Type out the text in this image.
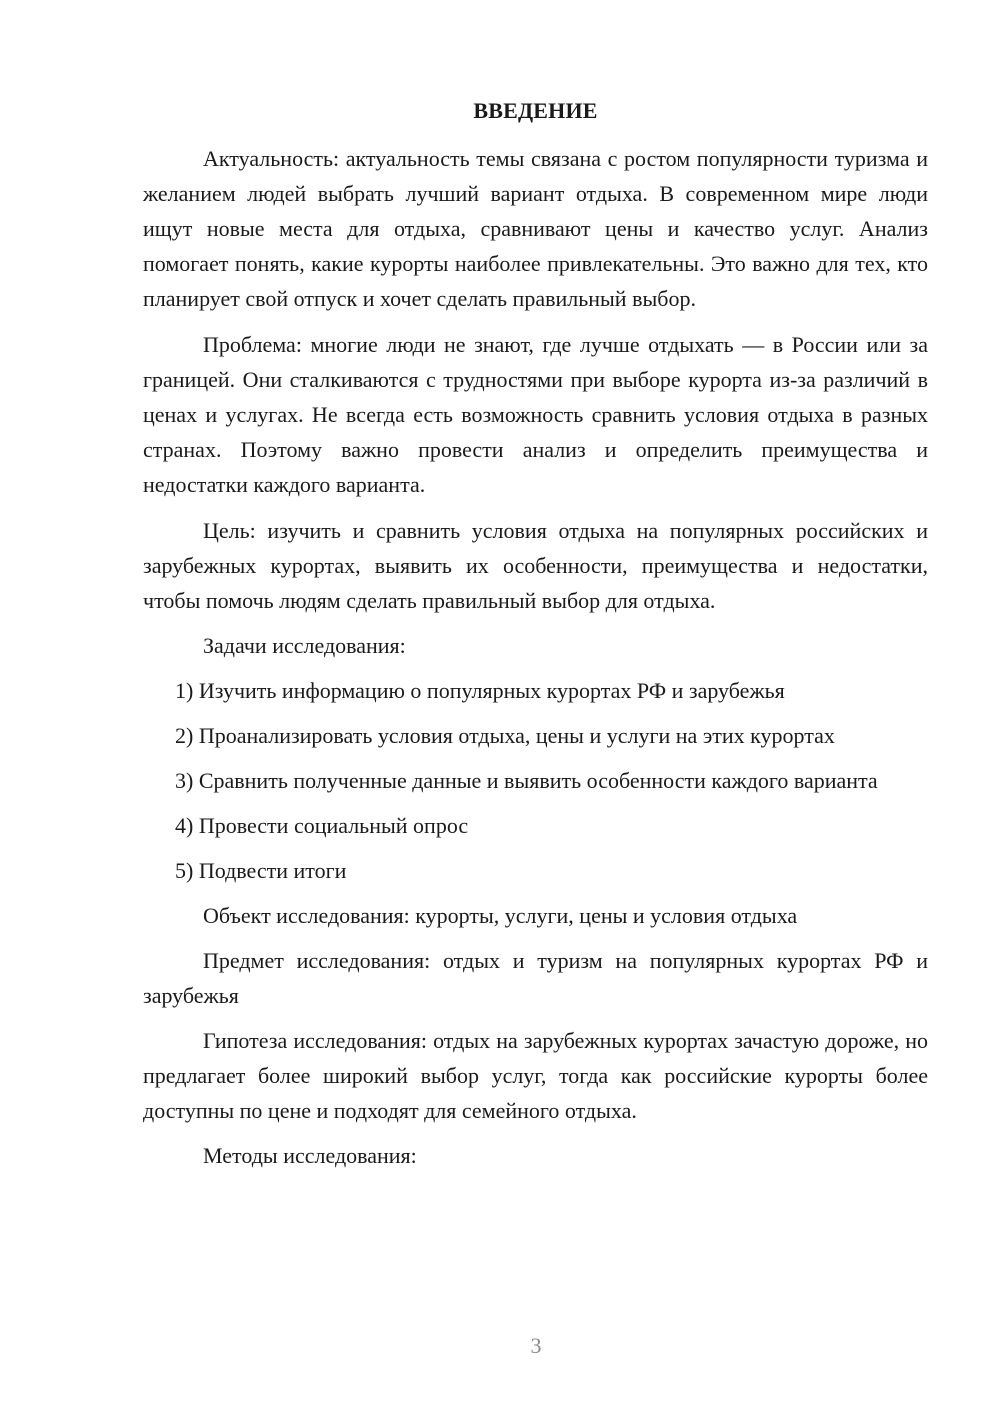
ВВЕДЕНИЕ

Актуальность: актуальность темы связана с ростом популярности туризма и желанием людей выбрать лучший вариант отдыха. В современном мире люди ищут новые места для отдыха, сравнивают цены и качество услуг. Анализ помогает понять, какие курорты наиболее привлекательны. Это важно для тех, кто планирует свой отпуск и хочет сделать правильный выбор.

Проблема: многие люди не знают, где лучше отдыхать — в России или за границей. Они сталкиваются с трудностями при выборе курорта из-за различий в ценах и услугах. Не всегда есть возможность сравнить условия отдыха в разных странах. Поэтому важно провести анализ и определить преимущества и недостатки каждого варианта.

Цель: изучить и сравнить условия отдыха на популярных российских и зарубежных курортах, выявить их особенности, преимущества и недостатки, чтобы помочь людям сделать правильный выбор для отдыха.

Задачи исследования:

1) Изучить информацию о популярных курортах РФ и зарубежья

2) Проанализировать условия отдыха, цены и услуги на этих курортах

3) Сравнить полученные данные и выявить особенности каждого варианта

4) Провести социальный опрос

5) Подвести итоги

Объект исследования: курорты, услуги, цены и условия отдыха

Предмет исследования: отдых и туризм на популярных курортах РФ и зарубежья

Гипотеза исследования: отдых на зарубежных курортах зачастую дороже, но предлагает более широкий выбор услуг, тогда как российские курорты более доступны по цене и подходят для семейного отдыха.

Методы исследования:

3
